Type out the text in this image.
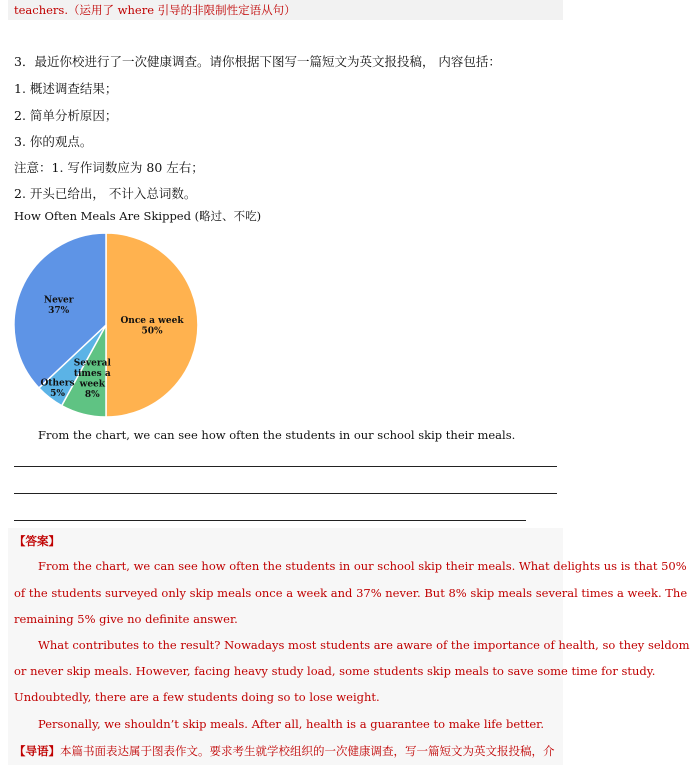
teachers.（运用了 where 引导的非限制性定语从句）
3．最近你校进行了一次健康调查。请你根据下图写一篇短文为英文报投稿， 内容包括：
1. 概述调查结果；
2. 简单分析原因；
3. 你的观点。
注意：1. 写作词数应为 80 左右；
2. 开头已给出， 不计入总词数。
How Often Meals Are Skipped (略过、不吃)
Once a week 50%
Several times a week 8%
Others 5%
Never 37%
From the chart, we can see how often the students in our school skip their meals.
【答案】
From the chart, we can see how often the students in our school skip their meals. What delights us is that 50%
of the students surveyed only skip meals once a week and 37% never. But 8% skip meals several times a week. The
remaining 5% give no definite answer.
What contributes to the result? Nowadays most students are aware of the importance of health, so they seldom
or never skip meals. However, facing heavy study load, some students skip meals to save some time for study.
Undoubtedly, there are a few students doing so to lose weight.
Personally, we shouldn’t skip meals. After all, health is a guarantee to make life better.
【导语】本篇书面表达属于图表作文。要求考生就学校组织的一次健康调查，写一篇短文为英文报投稿，介
